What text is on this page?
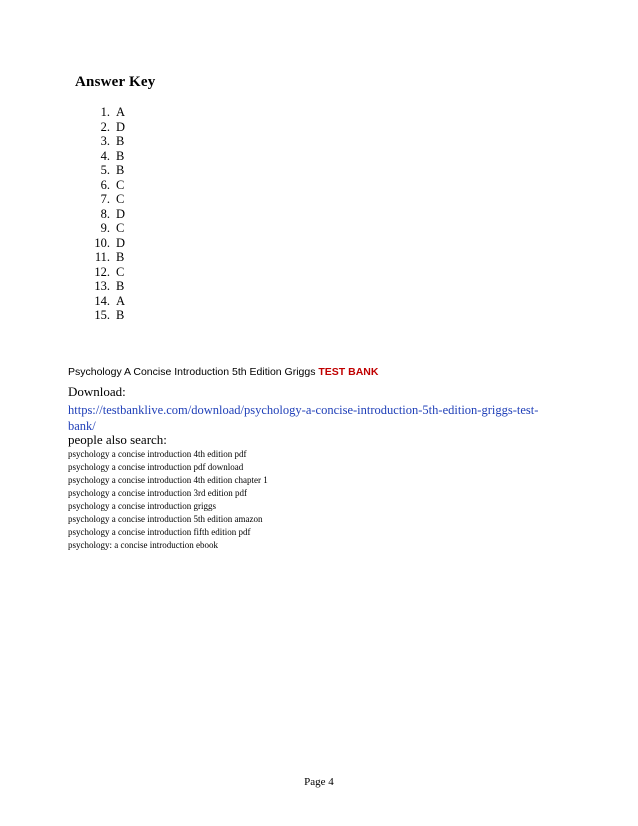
Answer Key
1. A
2. D
3. B
4. B
5. B
6. C
7. C
8. D
9. C
10. D
11. B
12. C
13. B
14. A
15. B
Psychology A Concise Introduction 5th Edition Griggs TEST BANK
Download:
https://testbanklive.com/download/psychology-a-concise-introduction-5th-edition-griggs-test-bank/
people also search:
psychology a concise introduction 4th edition pdf
psychology a concise introduction pdf download
psychology a concise introduction 4th edition chapter 1
psychology a concise introduction 3rd edition pdf
psychology a concise introduction griggs
psychology a concise introduction 5th edition amazon
psychology a concise introduction fifth edition pdf
psychology: a concise introduction ebook
Page 4
